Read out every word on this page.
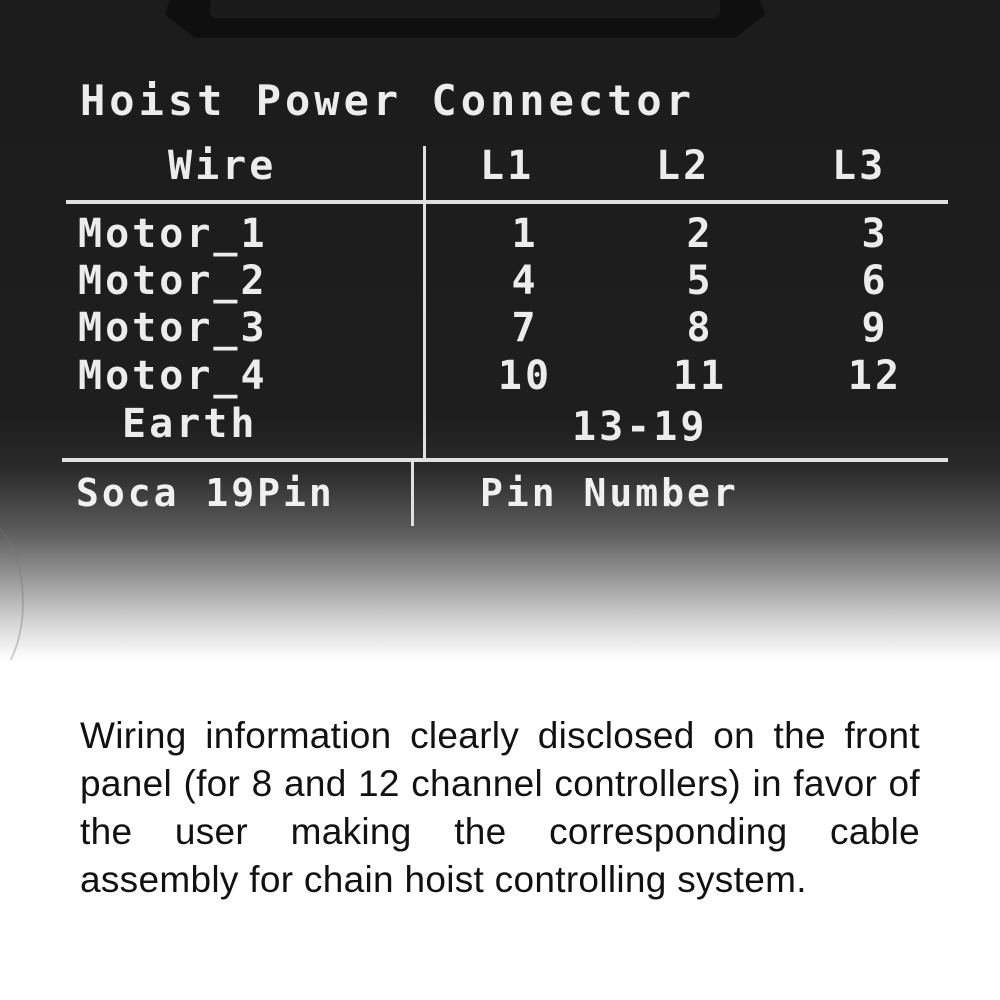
Hoist Power Connector
Wire	L1	L2	L3
Motor_1	1	2	3
Motor_2	4	5	6
Motor_3	7	8	9
Motor_4	10	11	12
Earth	13-19
Soca 19Pin	Pin Number
Wiring information clearly disclosed on the front panel (for 8 and 12 channel controllers) in favor of the user making the corresponding cable assembly for chain hoist controlling system.
